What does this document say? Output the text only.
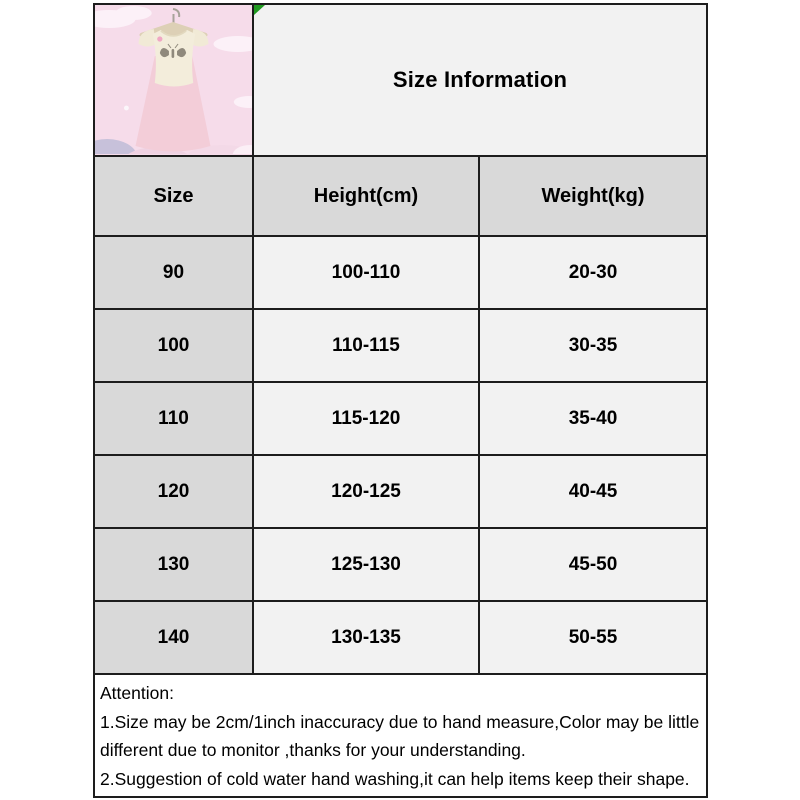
Size Information	
Size	Height(cm)	Weight(kg)
90	100-110	20-30
100	110-115	30-35
110	115-120	35-40
120	120-125	40-45
130	125-130	45-50
140	130-135	50-55

Attention:
1.Size may be 2cm/1inch inaccuracy due to hand measure,Color may be little
different due to monitor ,thanks for your understanding.
2.Suggestion of cold water hand washing,it can help items keep their shape.		
